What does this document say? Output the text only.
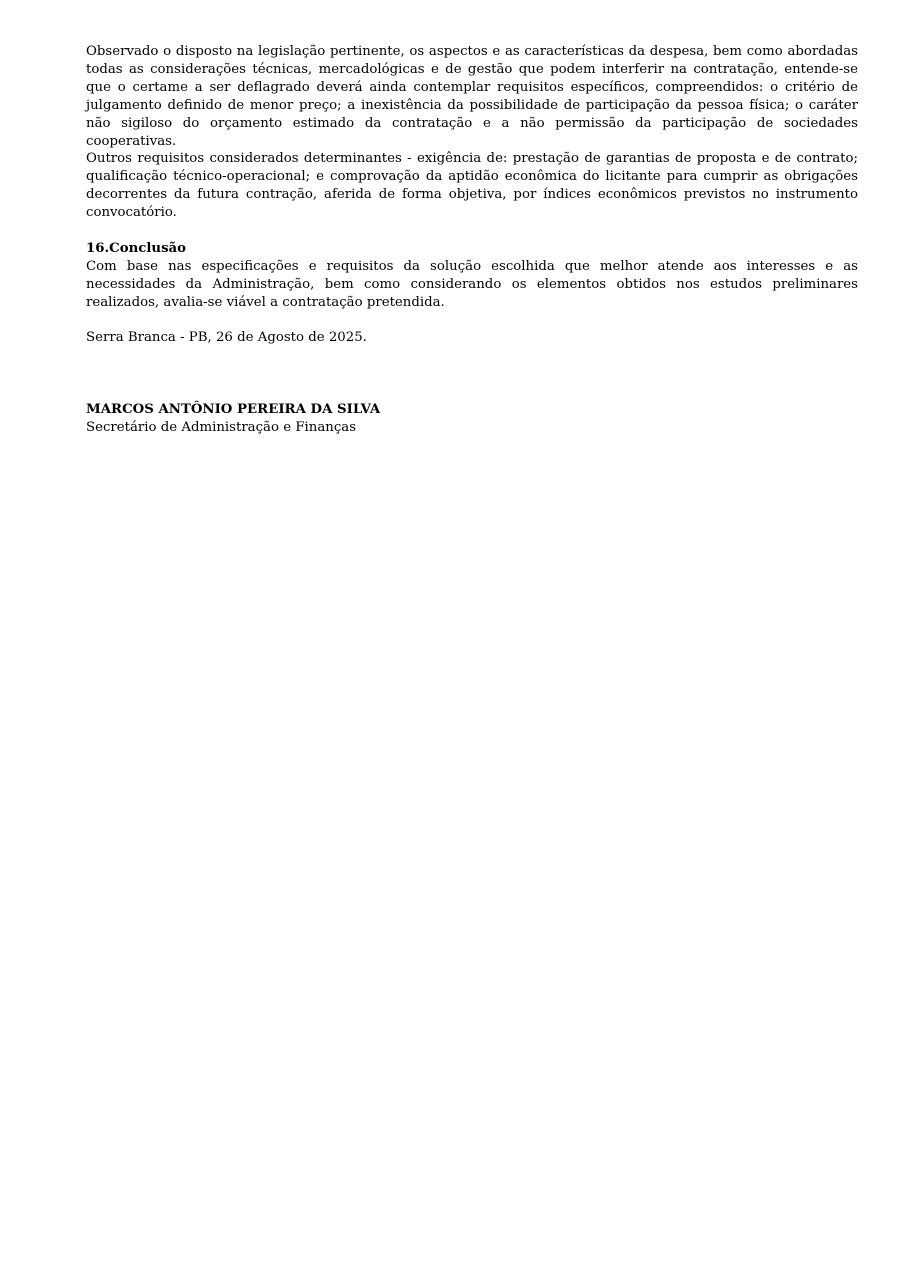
Observado o disposto na legislação pertinente, os aspectos e as características da despesa, bem como abordadas todas as considerações técnicas, mercadológicas e de gestão que podem interferir na contratação, entende-se que o certame a ser deflagrado deverá ainda contemplar requisitos específicos, compreendidos: o critério de julgamento definido de menor preço; a inexistência da possibilidade de participação da pessoa física; o caráter não sigiloso do orçamento estimado da contratação e a não permissão da participação de sociedades cooperativas.

Outros requisitos considerados determinantes - exigência de: prestação de garantias de proposta e de contrato; qualificação técnico-operacional; e comprovação da aptidão econômica do licitante para cumprir as obrigações decorrentes da futura contração, aferida de forma objetiva, por índices econômicos previstos no instrumento convocatório.

16.Conclusão

Com base nas especificações e requisitos da solução escolhida que melhor atende aos interesses e as necessidades da Administração, bem como considerando os elementos obtidos nos estudos preliminares realizados, avalia-se viável a contratação pretendida.

Serra Branca - PB, 26 de Agosto de 2025.

MARCOS ANTÔNIO PEREIRA DA SILVA

Secretário de Administração e Finanças
